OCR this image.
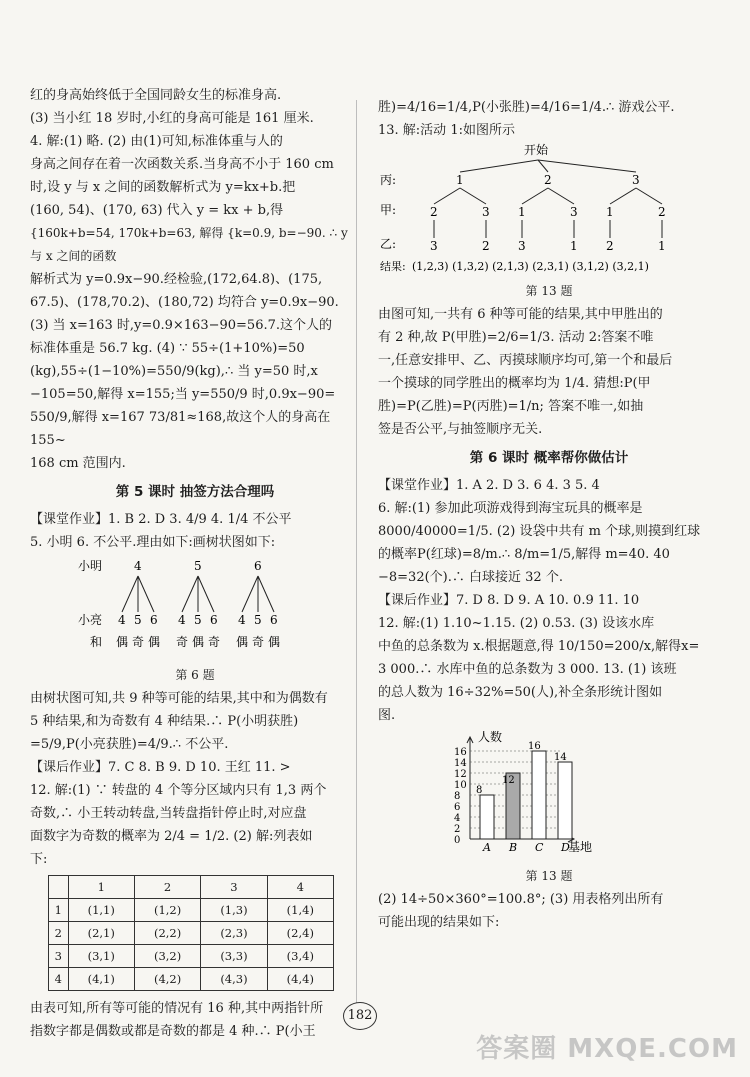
红的身高始终低于全国同龄女生的标准身高.

(3) 当小红 18 岁时,小红的身高可能是 161 厘米.

4. 解:(1) 略. (2) 由(1)可知,标准体重与人的

身高之间存在着一次函数关系.当身高不小于 160 cm

时,设 y 与 x 之间的函数解析式为 y=kx+b.把

(160, 54)、(170, 63) 代入 y = kx + b,得

{160k+b=54, 170k+b=63, 解得 {k=0.9, b=−90. ∴ y 与 x 之间的函数

解析式为 y=0.9x−90.经检验,(172,64.8)、(175,

67.5)、(178,70.2)、(180,72) 均符合 y=0.9x−90.

(3) 当 x=163 时,y=0.9×163−90=56.7.这个人的

标准体重是 56.7 kg. (4) ∵ 55÷(1+10%)=50

(kg),55÷(1−10%)=550/9(kg),∴ 当 y=50 时,x

−105=50,解得 x=155;当 y=550/9 时,0.9x−90=

550/9,解得 x=167 73/81≈168,故这个人的身高在155~

168 cm 范围内.

第 5 课时 抽签方法合理吗

【课堂作业】1. B 2. D 3. 4/9 4. 1/4 不公平

5. 小明 6. 不公平.理由如下:画树状图如下:

小明
小亮
和
4
4
偶
5
奇
6
偶
5
4
奇
5
偶
6
奇
6
4
偶
5
奇
6
偶

第 6 题

由树状图可知,共 9 种等可能的结果,其中和为偶数有

5 种结果,和为奇数有 4 种结果.∴ P(小明获胜)

=5/9,P(小亮获胜)=4/9.∴ 不公平.

【课后作业】7. C 8. B 9. D 10. 王红 11. >

12. 解:(1) ∵ 转盘的 4 个等分区域内只有 1,3 两个

奇数,∴ 小王转动转盘,当转盘指针停止时,对应盘

面数字为奇数的概率为 2/4 = 1/2. (2) 解:列表如

下:

	1	2	3	4
1	(1,1)	(1,2)	(1,3)	(1,4)
2	(2,1)	(2,2)	(2,3)	(2,4)
3	(3,1)	(3,2)	(3,3)	(3,4)
4	(4,1)	(4,2)	(4,3)	(4,4)

由表可知,所有等可能的情况有 16 种,其中两指针所

指数字都是偶数或都是奇数的都是 4 种.∴ P(小王

胜)=4/16=1/4,P(小张胜)=4/16=1/4.∴ 游戏公平.

13. 解:活动 1:如图所示

开始
丙:
甲:
乙:
结果: (1,2,3) (1,3,2) (2,1,3) (2,3,1) (3,1,2) (3,2,1)
1
2
3
3
2
2
1
3
3
1
3
1
2
2
1

第 13 题

由图可知,一共有 6 种等可能的结果,其中甲胜出的

有 2 种,故 P(甲胜)=2/6=1/3. 活动 2:答案不唯

一,任意安排甲、乙、丙摸球顺序均可,第一个和最后

一个摸球的同学胜出的概率均为 1/4. 猜想:P(甲

胜)=P(乙胜)=P(丙胜)=1/n; 答案不唯一,如抽

签是否公平,与抽签顺序无关.

第 6 课时 概率帮你做估计

【课堂作业】1. A 2. D 3. 6 4. 3 5. 4

6. 解:(1) 参加此项游戏得到海宝玩具的概率是

8000/40000=1/5. (2) 设袋中共有 m 个球,则摸到红球

的概率P(红球)=8/m.∴ 8/m=1/5,解得 m=40. 40

−8=32(个).∴ 白球接近 32 个.

【课后作业】7. D 8. D 9. A 10. 0.9 11. 10

12. 解:(1) 1.10~1.15. (2) 0.53. (3) 设该水库

中鱼的总条数为 x.根据题意,得 10/150=200/x,解得x=

3 000.∴ 水库中鱼的总条数为 3 000. 13. (1) 该班

的总人数为 16÷32%=50(人),补全条形统计图如

图.

人数
基地
0
2
4
6
8
10
12
14
16
8
A
12
B
16
C
14
D

第 13 题

(2) 14÷50×360°=100.8°; (3) 用表格列出所有

可能出现的结果如下:

182
答案圈 MXQE.COM
